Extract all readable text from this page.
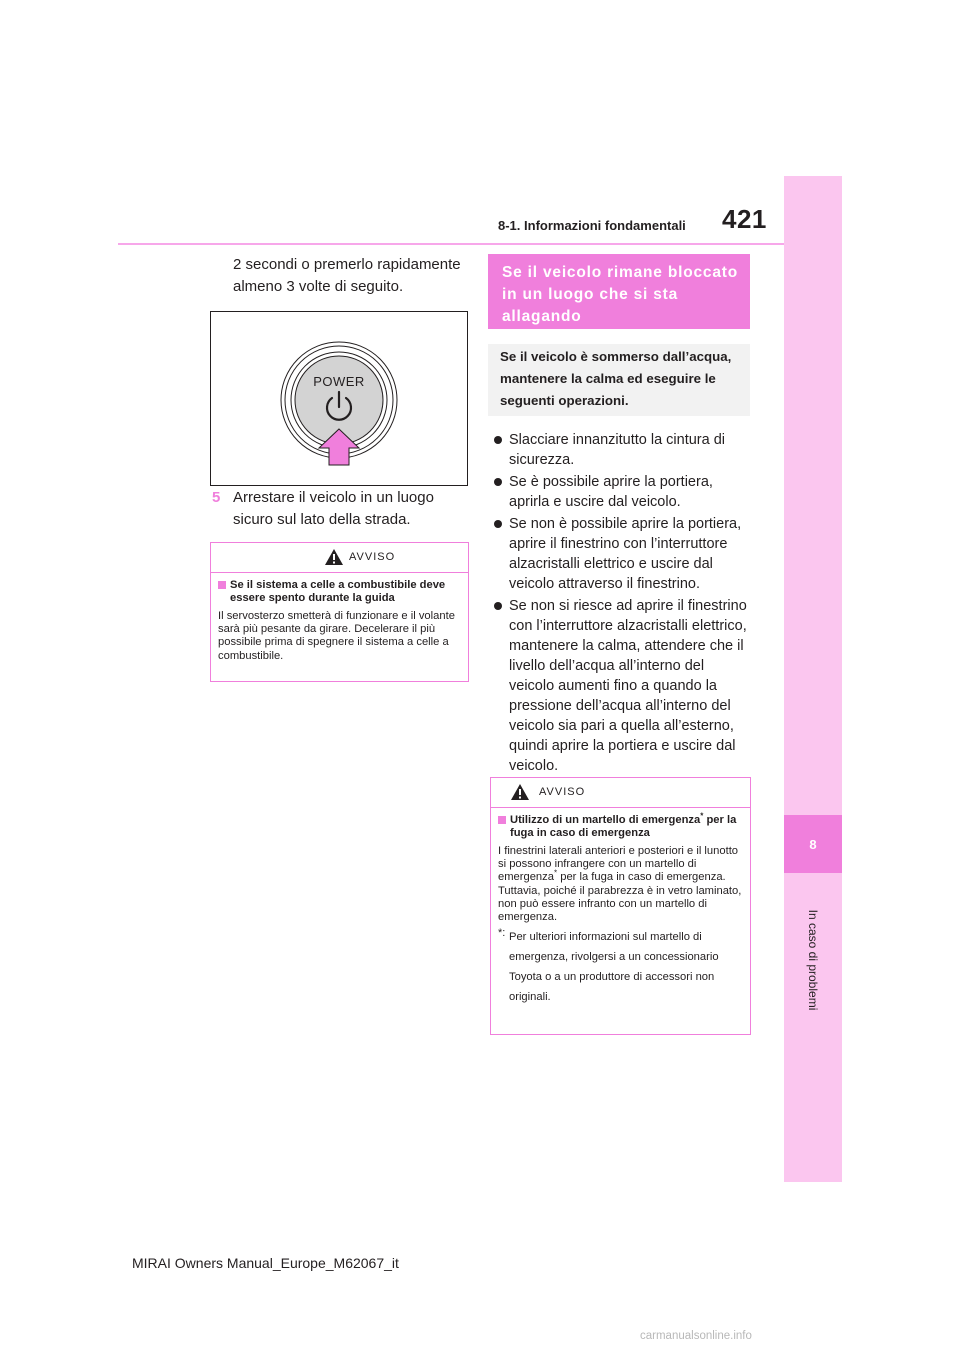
8-1. Informazioni fondamentali 421
8
In caso di problemi
2 secondi o premerlo rapidamente almeno 3 volte di seguito.
POWER
5 Arrestare il veicolo in un luogo sicuro sul lato della strada.
AVVISO
Se il sistema a celle a combustibile deve essere spento durante la guida

Il servosterzo smetterà di funzionare e il volante sarà più pesante da girare. Decelerare il più possibile prima di spegnere il sistema a celle a combustibile.

Se il veicolo rimane bloccato in un luogo che si sta allagando
Se il veicolo è sommerso dall’acqua, mantenere la calma ed eseguire le seguenti operazioni.
Slacciare innanzitutto la cintura di sicurezza.
Se è possibile aprire la portiera, aprirla e uscire dal veicolo.
Se non è possibile aprire la portiera, aprire il finestrino con l’interruttore alzacristalli elettrico e uscire dal veicolo attraverso il finestrino.
Se non si riesce ad aprire il finestrino con l’interruttore alzacristalli elettrico, mantenere la calma, attendere che il livello dell’acqua all’interno del veicolo aumenti fino a quando la pressione dell’acqua all’interno del veicolo sia pari a quella all’esterno, quindi aprire la portiera e uscire dal veicolo.
AVVISO
Utilizzo di un martello di emergenza* per la fuga in caso di emergenza

I finestrini laterali anteriori e posteriori e il lunotto si possono infrangere con un martello di emergenza* per la fuga in caso di emergenza. Tuttavia, poiché il parabrezza è in vetro laminato, non può essere infranto con un martello di emergenza.

*: Per ulteriori informazioni sul martello di emergenza, rivolgersi a un concessionario Toyota o a un produttore di accessori non originali.
MIRAI Owners Manual_Europe_M62067_it
carmanualsonline.info
